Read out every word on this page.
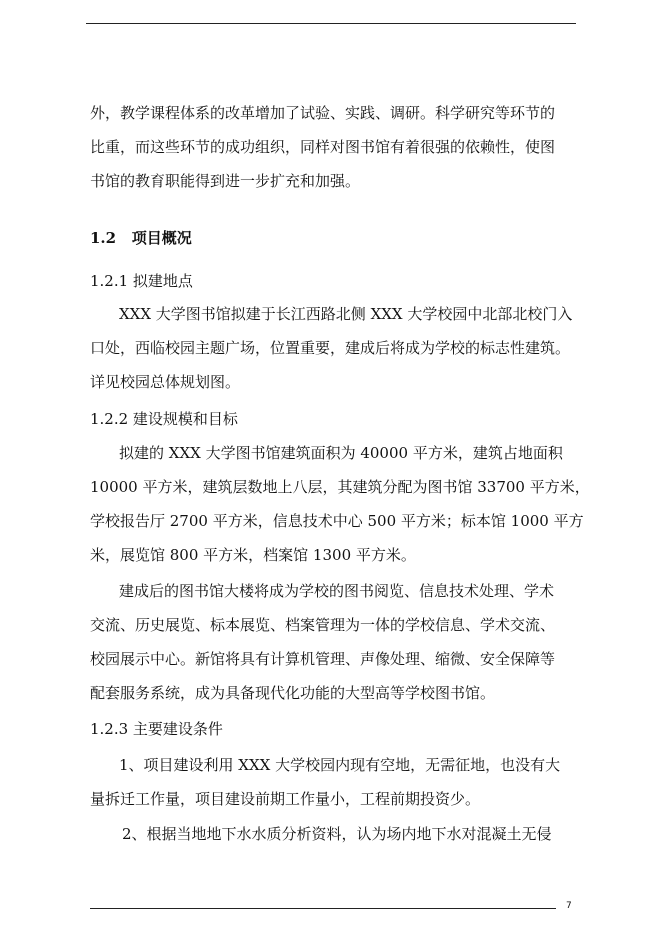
外，教学课程体系的改革增加了试验、实践、调研。科学研究等环节的
比重，而这些环节的成功组织，同样对图书馆有着很强的依赖性，使图
书馆的教育职能得到进一步扩充和加强。
1.2 项目概况
1.2.1 拟建地点
XXX 大学图书馆拟建于长江西路北侧 XXX 大学校园中北部北校门入
口处，西临校园主题广场，位置重要，建成后将成为学校的标志性建筑。
详见校园总体规划图。
1.2.2 建设规模和目标
拟建的 XXX 大学图书馆建筑面积为 40000 平方米，建筑占地面积
10000 平方米，建筑层数地上八层，其建筑分配为图书馆 33700 平方米，
学校报告厅 2700 平方米，信息技术中心 500 平方米；标本馆 1000 平方
米，展览馆 800 平方米，档案馆 1300 平方米。
建成后的图书馆大楼将成为学校的图书阅览、信息技术处理、学术
交流、历史展览、标本展览、档案管理为一体的学校信息、学术交流、
校园展示中心。新馆将具有计算机管理、声像处理、缩微、安全保障等
配套服务系统，成为具备现代化功能的大型高等学校图书馆。
1.2.3 主要建设条件
1、项目建设利用 XXX 大学校园内现有空地，无需征地，也没有大
量拆迁工作量，项目建设前期工作量小，工程前期投资少。
2、根据当地地下水水质分析资料，认为场内地下水对混凝土无侵
7
